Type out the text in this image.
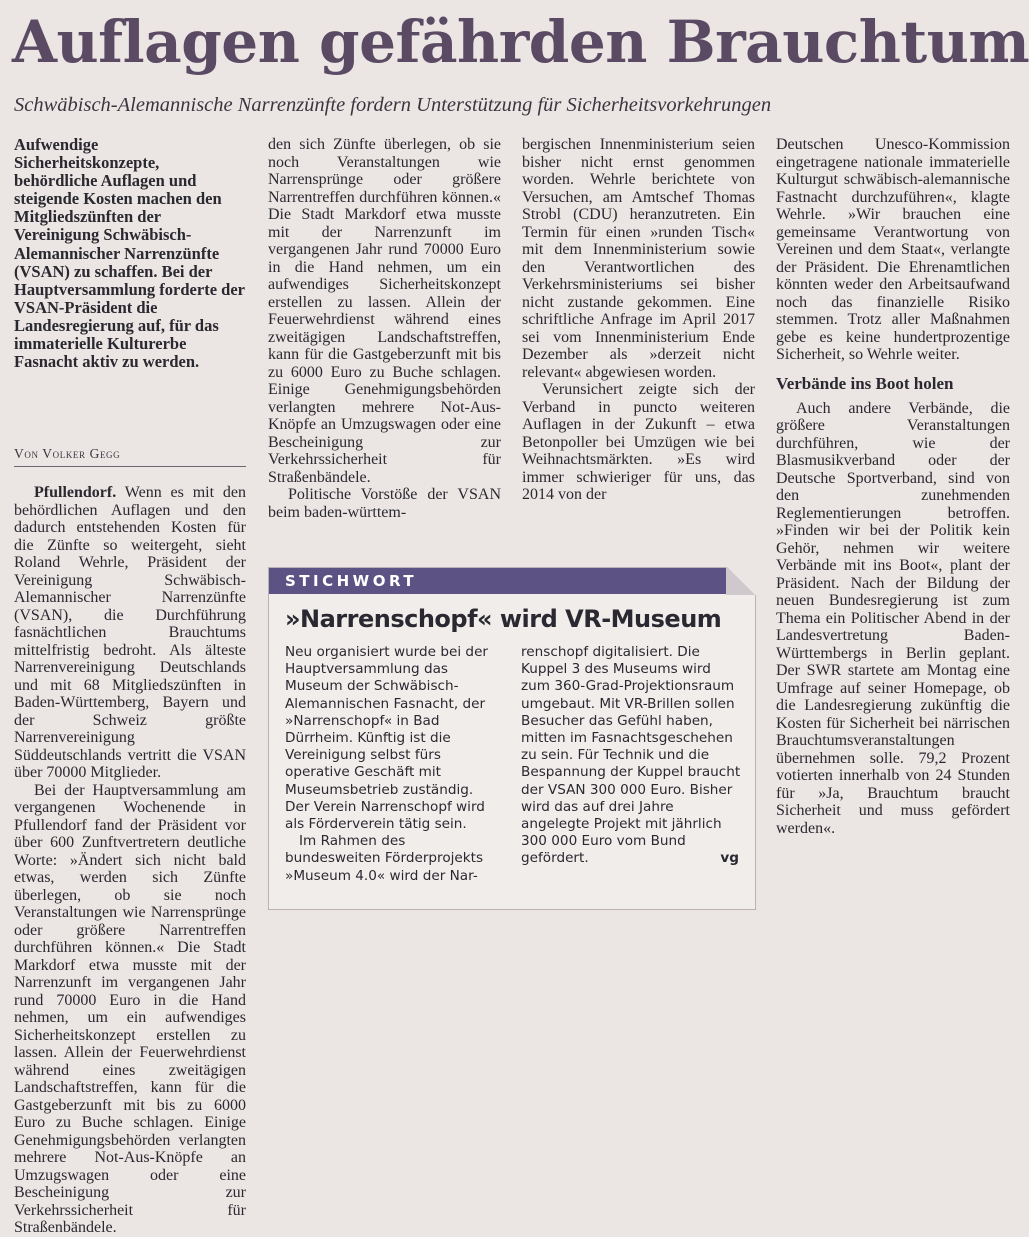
Auflagen gefährden Brauchtum
Schwäbisch-Alemannische Narrenzünfte fordern Unterstützung für Sicherheitsvorkehrungen

Aufwendige Sicherheitskonzepte, behördliche Auflagen und steigende Kosten machen den Mitgliedszünften der Vereinigung Schwäbisch-Alemannischer Narrenzünfte (VSAN) zu schaffen. Bei der Hauptversammlung forderte der VSAN-Präsident die Landesregierung auf, für das immaterielle Kulturerbe Fasnacht aktiv zu werden.

Von Volker Gegg

Pfullendorf. Wenn es mit den behördlichen Auflagen und den dadurch entstehenden Kosten für die Zünfte so weitergeht, sieht Roland Wehrle, Präsident der Vereinigung Schwäbisch-Alemannischer Narrenzünfte (VSAN), die Durchführung fasnächtlichen Brauchtums mittelfristig bedroht. Als älteste Narrenvereinigung Deutschlands und mit 68 Mitgliedszünften in Baden-Württemberg, Bayern und der Schweiz größte Narrenvereinigung Süddeutschlands vertritt die VSAN über 70000 Mitglieder.

Bei der Hauptversammlung am vergangenen Wochenende in Pfullendorf fand der Präsident vor über 600 Zunftvertretern deutliche Worte: »Ändert sich nicht bald etwas, werden sich Zünfte überlegen, ob sie noch Veranstaltungen wie Narrensprünge oder größere Narrentreffen durchführen können.« Die Stadt Markdorf etwa musste mit der Narrenzunft im vergangenen Jahr rund 70000 Euro in die Hand nehmen, um ein aufwendiges Sicherheitskonzept erstellen zu lassen. Allein der Feuerwehrdienst während eines zweitägigen Landschaftstreffen, kann für die Gastgeberzunft mit bis zu 6000 Euro zu Buche schlagen. Einige Genehmigungsbehörden verlangten mehrere Not-Aus-Knöpfe an Umzugswagen oder eine Bescheinigung zur Verkehrssicherheit für Straßenbändele.

den sich Zünfte überlegen, ob sie noch Veranstaltungen wie Narrensprünge oder größere Narrentreffen durchführen können.« Die Stadt Markdorf etwa musste mit der Narrenzunft im vergangenen Jahr rund 70000 Euro in die Hand nehmen, um ein aufwendiges Sicherheitskonzept erstellen zu lassen. Allein der Feuerwehrdienst während eines zweitägigen Landschaftstreffen, kann für die Gastgeberzunft mit bis zu 6000 Euro zu Buche schlagen. Einige Genehmigungsbehörden verlangten mehrere Not-Aus-Knöpfe an Umzugswagen oder eine Bescheinigung zur Verkehrssicherheit für Straßenbändele.

Politische Vorstöße der VSAN beim baden-württem-

bergischen Innenministerium seien bisher nicht ernst genommen worden. Wehrle berichtete von Versuchen, am Amtschef Thomas Strobl (CDU) heranzutreten. Ein Termin für einen »runden Tisch« mit dem Innenministerium sowie den Verantwortlichen des Verkehrsministeriums sei bisher nicht zustande gekommen. Eine schriftliche Anfrage im April 2017 sei vom Innenministerium Ende Dezember als »derzeit nicht relevant« abgewiesen worden.

Verunsichert zeigte sich der Verband in puncto weiteren Auflagen in der Zukunft – etwa Betonpoller bei Umzügen wie bei Weihnachtsmärkten. »Es wird immer schwieriger für uns, das 2014 von der

Deutschen Unesco-Kommission eingetragene nationale immaterielle Kulturgut schwäbisch-alemannische Fastnacht durchzuführen«, klagte Wehrle. »Wir brauchen eine gemeinsame Verantwortung von Vereinen und dem Staat«, verlangte der Präsident. Die Ehrenamtlichen könnten weder den Arbeitsaufwand noch das finanzielle Risiko stemmen. Trotz aller Maßnahmen gebe es keine hundertprozentige Sicherheit, so Wehrle weiter.

Verbände ins Boot holen

Auch andere Verbände, die größere Veranstaltungen durchführen, wie der Blasmusikverband oder der Deutsche Sportverband, sind von den zunehmenden Reglementierungen betroffen. »Finden wir bei der Politik kein Gehör, nehmen wir weitere Verbände mit ins Boot«, plant der Präsident. Nach der Bildung der neuen Bundesregierung ist zum Thema ein Politischer Abend in der Landesvertretung Baden-Württembergs in Berlin geplant. Der SWR startete am Montag eine Umfrage auf seiner Homepage, ob die Landesregierung zukünftig die Kosten für Sicherheit bei närrischen Brauchtumsveranstaltungen übernehmen solle. 79,2 Prozent votierten innerhalb von 24 Stunden für »Ja, Brauchtum braucht Sicherheit und muss gefördert werden«.

STICHWORT
»Narrenschopf« wird VR-Museum

Neu organisiert wurde bei der Hauptversammlung das Museum der Schwäbisch-Alemannischen Fasnacht, der »Narrenschopf« in Bad Dürrheim. Künftig ist die Vereinigung selbst fürs operative Geschäft mit Museumsbetrieb zuständig. Der Verein Narrenschopf wird als Förderverein tätig sein.

Im Rahmen des bundesweiten Förderprojekts »Museum 4.0« wird der Nar-

renschopf digitalisiert. Die Kuppel 3 des Museums wird zum 360-Grad-Projektionsraum umgebaut. Mit VR-Brillen sollen Besucher das Gefühl haben, mitten im Fasnachtsgeschehen zu sein. Für Technik und die Bespannung der Kuppel braucht der VSAN 300 000 Euro. Bisher wird das auf drei Jahre angelegte Projekt mit jährlich 300 000 Euro vom Bund gefördert.	vg
